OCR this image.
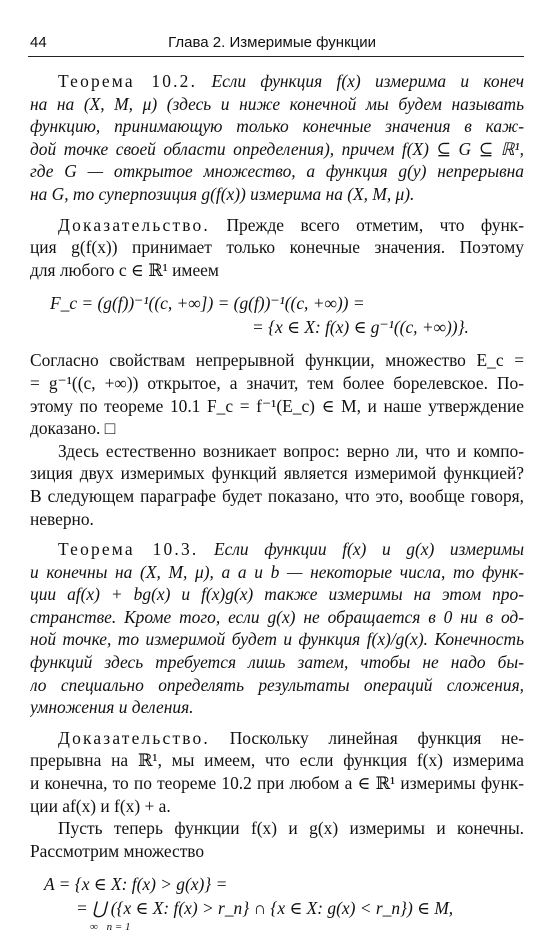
44	Глава 2. Измеримые функции
Теорема 10.2. Если функция f(x) измерима и конеч
на на (X, M, μ) (здесь и ниже конечной мы будем называть
функцию, принимающую только конечные значения в каж-
дой точке своей области определения), причем f(X) ⊆ G ⊆ ℝ¹,
где G — открытое множество, а функция g(y) непрерывна
на G, то суперпозиция g(f(x)) измерима на (X, M, μ).
Доказательство. Прежде всего отметим, что функ-
ция g(f(x)) принимает только конечные значения. Поэтому
для любого c ∈ ℝ¹ имеем
F_c = (g(f))⁻¹((c, +∞]) = (g(f))⁻¹((c, +∞)) =
= {x ∈ X: f(x) ∈ g⁻¹((c, +∞))}.
Согласно свойствам непрерывной функции, множество E_c =
= g⁻¹((c, +∞)) открытое, а значит, тем более борелевское. По-
этому по теореме 10.1 F_c = f⁻¹(E_c) ∈ M, и наше утверждение
доказано. □
Здесь естественно возникает вопрос: верно ли, что и компо-
зиция двух измеримых функций является измеримой функцией?
В следующем параграфе будет показано, что это, вообще говоря,
неверно.
Теорема 10.3. Если функции f(x) и g(x) измеримы
и конечны на (X, M, μ), а a и b — некоторые числа, то функ-
ции af(x) + bg(x) и f(x)g(x) также измеримы на этом про-
странстве. Кроме того, если g(x) не обращается в 0 ни в од-
ной точке, то измеримой будет и функция f(x)/g(x). Конечность
функций здесь требуется лишь затем, чтобы не надо бы-
ло специально определять результаты операций сложения,
умножения и деления.
Доказательство. Поскольку линейная функция не-
прерывна на ℝ¹, мы имеем, что если функция f(x) измерима
и конечна, то по теореме 10.2 при любом a ∈ ℝ¹ измеримы функ-
ции af(x) и f(x) + a.
Пусть теперь функции f(x) и g(x) измеримы и конечны.
Рассмотрим множество
A = {x ∈ X: f(x) > g(x)} =
= ⋃ ({x ∈ X: f(x) > r_n} ∩ {x ∈ X: g(x) < r_n}) ∈ M,
∞ n = 1
